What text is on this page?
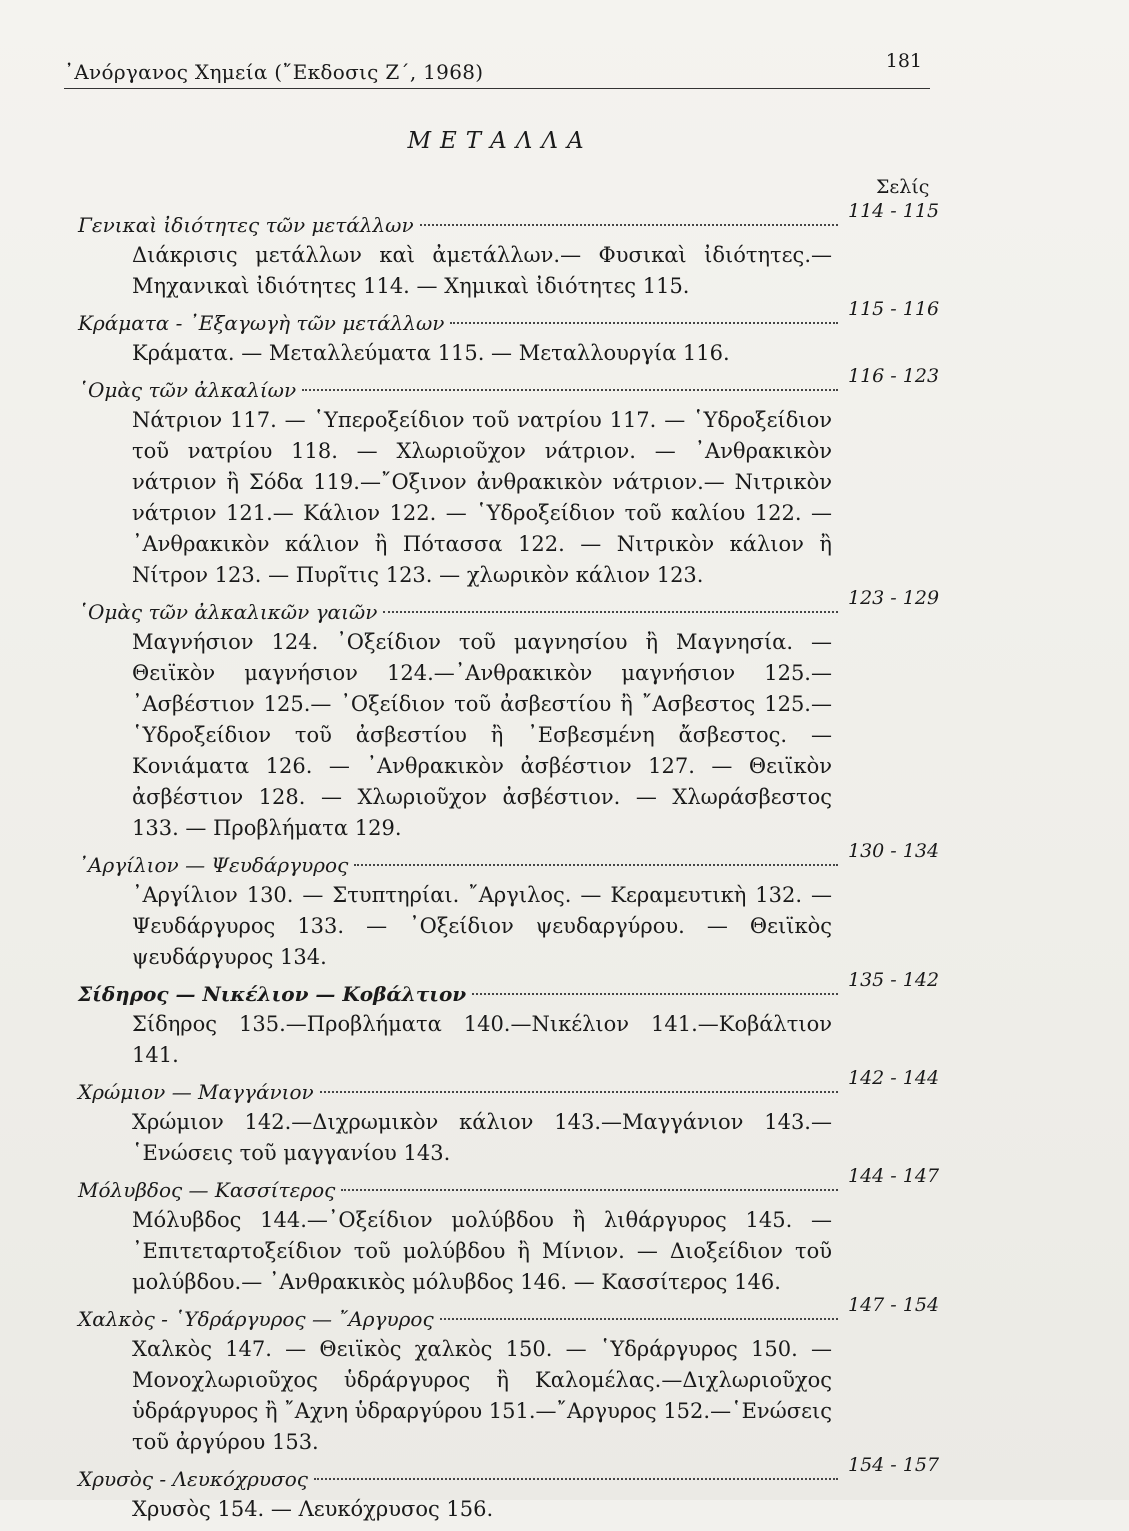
᾿Ανόργανος Χημεία (῎Εκδοσις Ζ΄, 1968)	181
ΜΕΤΑΛΛΑ
Σελίς
Γενικαὶ ἰδιότητες τῶν μετάλλων
114 - 115
Διάκρισις μετάλλων καὶ ἀμετάλλων.— Φυσικαὶ ἰδιότητες.— Μηχανικαὶ ἰδιότητες 114. — Χημικαὶ ἰδιότητες 115.
Κράματα - ᾿Εξαγωγὴ τῶν μετάλλων
115 - 116
Κράματα. — Μεταλλεύματα 115. — Μεταλλουργία 116.
῾Ομὰς τῶν ἀλκαλίων
116 - 123
Νάτριον 117. — ῾Υπεροξείδιον τοῦ νατρίου 117. — ῾Υδροξείδιον τοῦ νατρίου 118. — Χλωριοῦχον νάτριον. — ᾿Ανθρακικὸν νάτριον ἢ Σόδα 119.—῎Οξινον ἀνθρακικὸν νάτριον.— Νιτρικὸν νάτριον 121.— Κάλιον 122. — ῾Υδροξείδιον τοῦ καλίου 122. — ᾿Ανθρακικὸν κάλιον ἢ Πότασσα 122. — Νιτρικὸν κάλιον ἢ Νίτρον 123. — Πυρῖτις 123. — χλωρικὸν κάλιον 123.
῾Ομὰς τῶν ἀλκαλικῶν γαιῶν
123 - 129
Μαγνήσιον 124. ᾿Οξείδιον τοῦ μαγνησίου ἢ Μαγνησία. — Θειϊκὸν μαγνήσιον 124.—᾿Ανθρακικὸν μαγνήσιον 125.—᾿Ασβέστιον 125.— ᾿Οξείδιον τοῦ ἀσβεστίου ἢ ῎Ασβεστος 125.—῾Υδροξείδιον τοῦ ἀσβεστίου ἢ ᾿Εσβεσμένη ἄσβεστος. — Κονιάματα 126. — ᾿Ανθρακικὸν ἀσβέστιον 127. — Θειϊκὸν ἀσβέστιον 128. — Χλωριοῦχον ἀσβέστιον. — Χλωράσβεστος 133. — Προβλήματα 129.
᾿Αργίλιον — Ψευδάργυρος
130 - 134
᾿Αργίλιον 130. — Στυπτηρίαι. ῎Αργιλος. — Κεραμευτικὴ 132. — Ψευδάργυρος 133. — ᾿Οξείδιον ψευδαργύρου. — Θειϊκὸς ψευδάργυρος 134.
Σίδηρος — Νικέλιον — Κοβάλτιον
135 - 142
Σίδηρος 135.—Προβλήματα 140.—Νικέλιον 141.—Κοβάλτιον 141.
Χρώμιον — Μαγγάνιον
142 - 144
Χρώμιον 142.—Διχρωμικὸν κάλιον 143.—Μαγγάνιον 143.—῾Ενώσεις τοῦ μαγγανίου 143.
Μόλυβδος — Κασσίτερος
144 - 147
Μόλυβδος 144.—᾿Οξείδιον μολύβδου ἢ λιθάργυρος 145. — ᾿Επιτεταρτοξείδιον τοῦ μολύβδου ἢ Μίνιον. — Διοξείδιον τοῦ μολύβδου.— ᾿Ανθρακικὸς μόλυβδος 146. — Κασσίτερος 146.
Χαλκὸς - ῾Υδράργυρος — ῎Αργυρος
147 - 154
Χαλκὸς 147. — Θειϊκὸς χαλκὸς 150. — ῾Υδράργυρος 150. — Μονοχλωριοῦχος ὑδράργυρος ἢ Καλομέλας.—Διχλωριοῦχος ὑδράργυρος ἢ ῎Αχνη ὑδραργύρου 151.—῎Αργυρος 152.—῾Ενώσεις τοῦ ἀργύρου 153.
Χρυσὸς - Λευκόχρυσος
154 - 157
Χρυσὸς 154. — Λευκόχρυσος 156.
